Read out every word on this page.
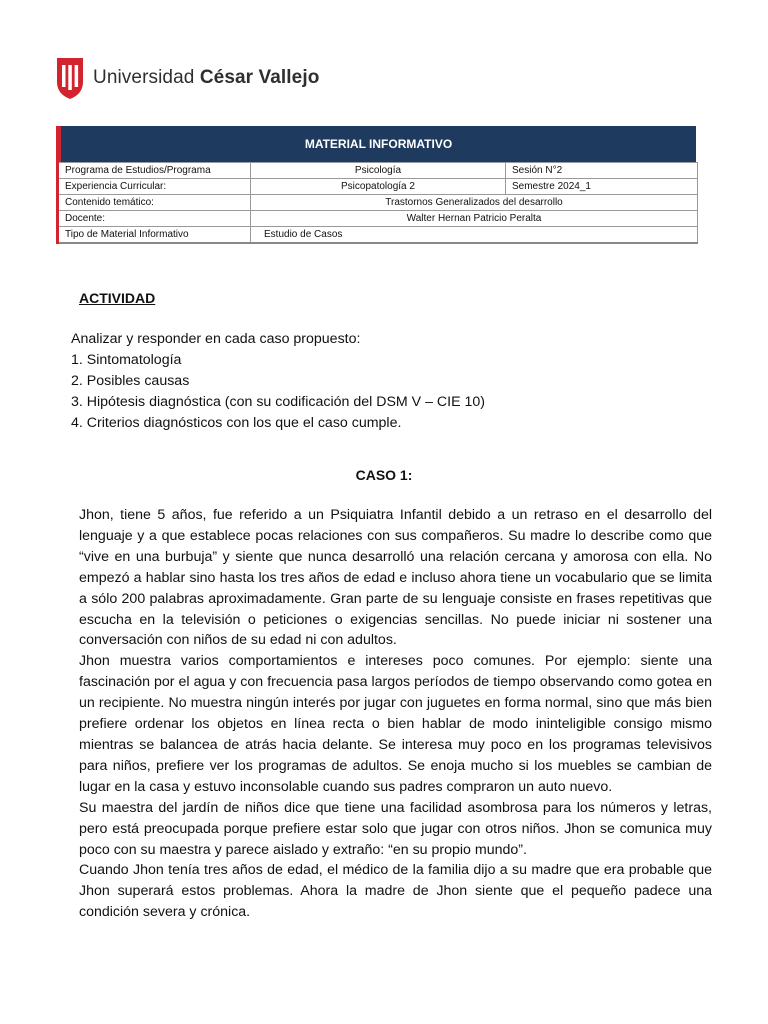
Universidad César Vallejo
MATERIAL INFORMATIVO
Programa de Estudios/Programa	Psicología	Sesión N°2
Experiencia Curricular:	Psicopatología 2	Semestre 2024_1
Contenido temático:	Trastornos Generalizados del desarrollo	
Docente:	Walter Hernan Patricio Peralta	
Tipo de Material Informativo	Estudio de Casos	
ACTIVIDAD
Analizar y responder en cada caso propuesto:
1. Sintomatología
2. Posibles causas
3. Hipótesis diagnóstica (con su codificación del DSM V – CIE 10)
4. Criterios diagnósticos con los que el caso cumple.
CASO 1:

Jhon, tiene 5 años, fue referido a un Psiquiatra Infantil debido a un retraso en el desarrollo del lenguaje y a que establece pocas relaciones con sus compañeros. Su madre lo describe como que “vive en una burbuja” y siente que nunca desarrolló una relación cercana y amorosa con ella. No empezó a hablar sino hasta los tres años de edad e incluso ahora tiene un vocabulario que se limita a sólo 200 palabras aproximadamente. Gran parte de su lenguaje consiste en frases repetitivas que escucha en la televisión o peticiones o exigencias sencillas. No puede iniciar ni sostener una conversación con niños de su edad ni con adultos.

Jhon muestra varios comportamientos e intereses poco comunes. Por ejemplo: siente una fascinación por el agua y con frecuencia pasa largos períodos de tiempo observando como gotea en un recipiente. No muestra ningún interés por jugar con juguetes en forma normal, sino que más bien prefiere ordenar los objetos en línea recta o bien hablar de modo ininteligible consigo mismo mientras se balancea de atrás hacia delante. Se interesa muy poco en los programas televisivos para niños, prefiere ver los programas de adultos. Se enoja mucho si los muebles se cambian de lugar en la casa y estuvo inconsolable cuando sus padres compraron un auto nuevo.

Su maestra del jardín de niños dice que tiene una facilidad asombrosa para los números y letras, pero está preocupada porque prefiere estar solo que jugar con otros niños. Jhon se comunica muy poco con su maestra y parece aislado y extraño: “en su propio mundo”.

Cuando Jhon tenía tres años de edad, el médico de la familia dijo a su madre que era probable que Jhon superará estos problemas. Ahora la madre de Jhon siente que el pequeño padece una condición severa y crónica.
